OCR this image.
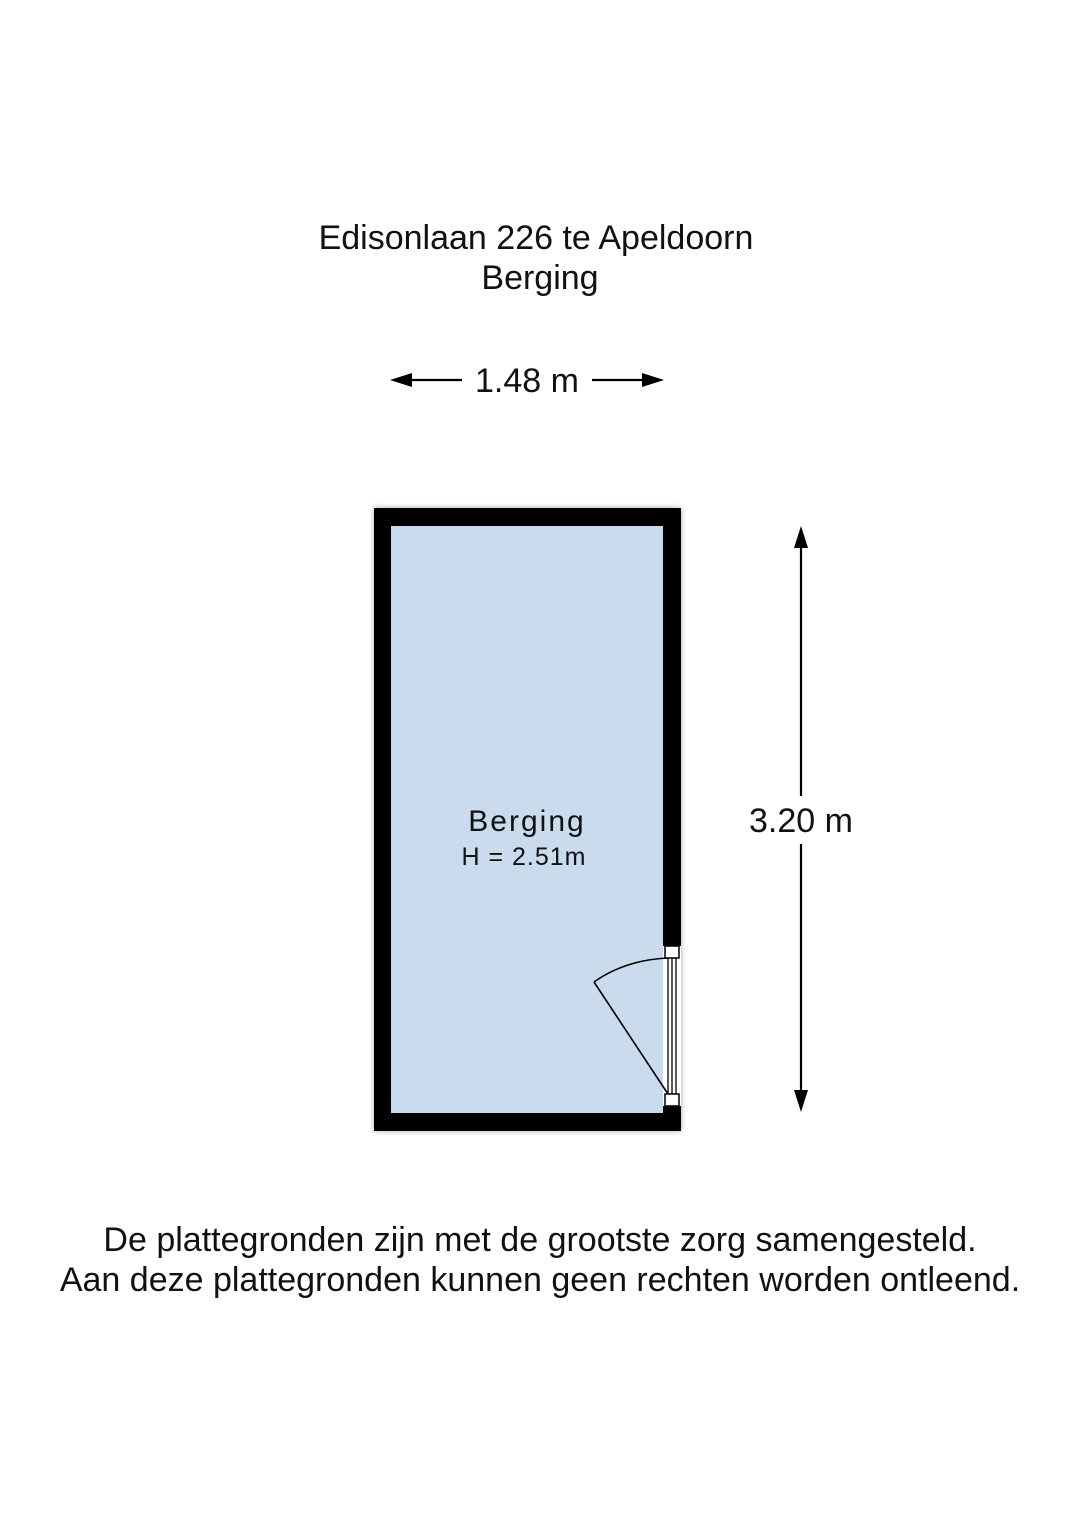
Edisonlaan 226 te Apeldoorn

Berging

1.48 m
3.20 m
Berging
H = 2.51m

De plattegronden zijn met de grootste zorg samengesteld.

Aan deze plattegronden kunnen geen rechten worden ontleend.
